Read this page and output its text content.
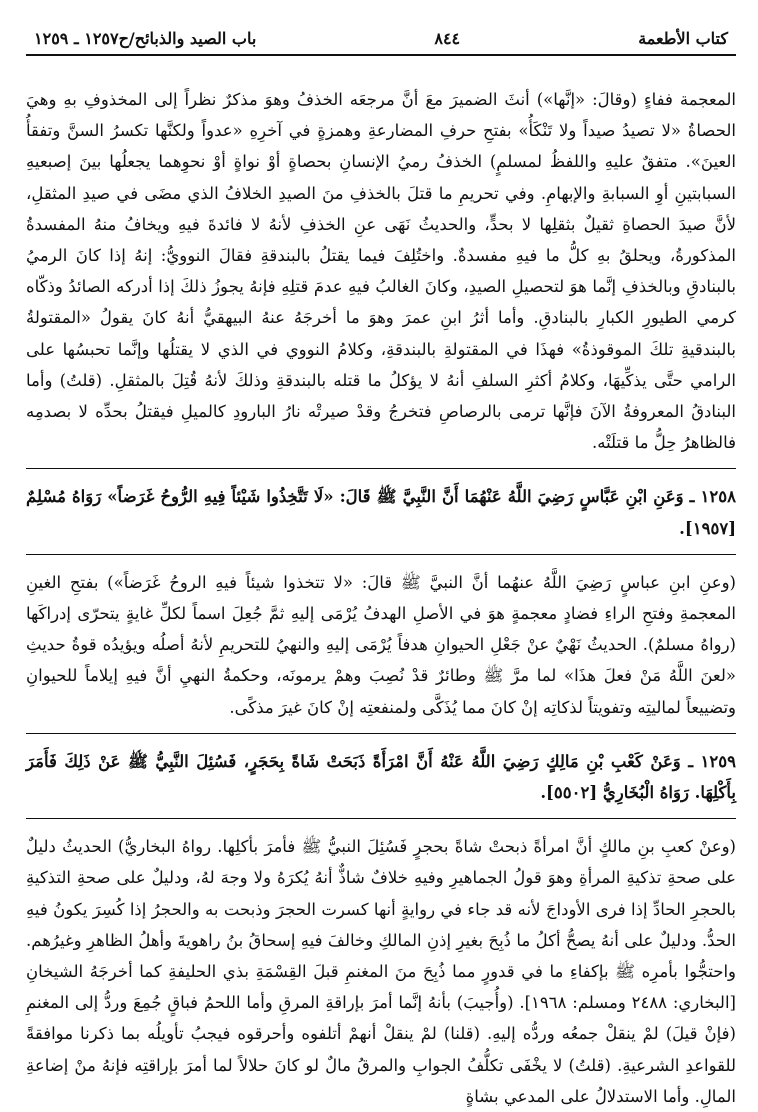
كتاب الأطعمة
٨٤٤
باب الصيد والذبائح/ح١٢٥٧ ـ ١٢٥٩

المعجمة ففاءٍ (وقالَ: «إنَّها») أنثَ الضميرَ معَ أنَّ مرجعَه الخذفُ وهوَ مذكرٌ نظراً إلى المخذوفِ بهِ وهيَ الحصاةُ «لا تصيدُ صيداً ولا تَنْكَأُ» بفتحِ حرفِ المضارعةِ وهمزةٍ في آخرِهِ «عدواً ولكنَّها تكسرُ السنَّ وتفقأُ العينَ». متفقٌ عليهِ واللفظُ لمسلمٍ) الخذفُ رميُ الإنسانِ بحصاةٍ أوْ نواةٍ أوْ نحوِهما يجعلُها بينَ إصبعيهِ السبابتينِ أوِ السبابةِ والإبهامِ. وفي تحريمِ ما قتلَ بالخذفِ منَ الصيدِ الخلافُ الذي مضَى في صيدِ المثقلِ، لأنَّ صيدَ الحصاةِ ثقيلٌ بثقلِها لا بحدٍّ، والحديثُ نَهَى عنِ الخذفِ لأنهُ لا فائدةَ فيهِ ويخافُ منهُ المفسدةُ المذكورةُ، ويحلقُ بهِ كلُّ ما فيهِ مفسدةٌ. واختُلِفَ فيما يقتلُ بالبندقةِ فقالَ النوويُّ: إنهُ إذا كانَ الرميُ بالبنادقِ وبالخذفِ إنَّما هوَ لتحصيلِ الصيدِ، وكانَ الغالبُ فيهِ عدمَ قتلِهِ فإنهُ يجوزُ ذلكَ إذا أدركه الصائدُ وذكّاه كرمي الطيورِ الكبارِ بالبنادقِ. وأما أثرُ ابنِ عمرَ وهوَ ما أخرجَهُ عنهُ البيهقيُّ أنهُ كانَ يقولُ «المقتولةُ بالبندقيةِ تلكَ الموقوذةُ» فهذَا في المقتولةِ بالبندقةِ، وكلامُ النووي في الذي لا يقتلُها وإنَّما تحبسُها على الرامي حتَّى يذكِّيهَا، وكلامُ أكثرِ السلفِ أنهُ لا يؤكلُ ما قتله بالبندقةِ وذلكَ لأنهُ قُتِلَ بالمثقلِ. (قلتُ) وأما البنادقُ المعروفةُ الآنَ فإنَّها ترمى بالرصاصِ فتخرجُ وقدْ صيرتْه نارُ البارودِ كالميلِ فيقتلُ بحدِّه لا بصدمِه فالظاهرُ حِلُّ ما قتلَتْه.

١٢٥٨ ـ وَعَنِ ابْنِ عَبَّاسٍ رَضِيَ اللَّهُ عَنْهُمَا أَنَّ النَّبِيَّ ﷺ قَالَ: «لَا تَتَّخِذُوا شَيْئاً فِيهِ الرُّوحُ غَرَضاً» رَوَاهُ مُسْلِمٌ [١٩٥٧].

(وعنِ ابنِ عباسٍ رَضِيَ اللَّهُ عنهُما أنَّ النبيَّ ﷺ قالَ: «لا تتخذوا شيئاً فيهِ الروحُ غَرَضاً») بفتحِ الغينِ المعجمةِ وفتحِ الراءِ فضادٍ معجمةٍ هوَ في الأصلِ الهدفُ يُرْمَى إليهِ ثمَّ جُعِلَ اسماً لكلِّ غايةٍ يتحرّى إدراكَها (رواهُ مسلمٌ). الحديثُ نَهْيٌ عنْ جَعْلِ الحيوانِ هدفاً يُرْمَى إليهِ والنهيُ للتحريمِ لأنهُ أصلُه ويؤيدُه قوةُ حديثِ «لعنَ اللَّهُ مَنْ فعلَ هذَا» لما مرَّ ﷺ وطائرٌ قدْ نُصِبَ وهمْ يرمونَه، وحكمةُ النهيِ أنَّ فيهِ إيلاماً للحيوانِ وتضييعاً لماليتِه وتفويتاً لذكاتِه إنْ كانَ مما يُذَكَّى ولمنفعتِه إنْ كانَ غيرَ مذكًى.

١٢٥٩ ـ وَعَنْ كَعْبِ بْنِ مَالِكٍ رَضِيَ اللَّهُ عَنْهُ أَنَّ امْرَأَةً ذَبَحَتْ شَاةً بِحَجَرٍ، فَسُئِلَ النَّبِيُّ ﷺ عَنْ ذَلِكَ فَأَمَرَ بِأَكْلِهَا. رَوَاهُ الْبُخَارِيُّ [٥٥٠٢].

(وعنْ كعبِ بنِ مالكٍ أنَّ امرأةً ذبحتْ شاةً بحجرٍ فَسُئِلَ النبيُّ ﷺ فأمرَ بأكلِها. رواهُ البخاريُّ) الحديثُ دليلٌ على صحةِ تذكيةِ المرأةِ وهوَ قولُ الجماهيرِ وفيهِ خلافٌ شاذٌّ أنهُ يُكرَهُ ولا وجهَ لهُ، ودليلٌ على صحةِ التذكيةِ بالحجرِ الحادِّ إذا فرى الأوداجَ لأنه قد جاء في روايةٍ أنها كسرت الحجرَ وذبحت به والحجرُ إذا كُسِرَ يكونُ فيهِ الحدُّ. ودليلٌ على أنهُ يصحُّ أكلُ ما ذُبِحَ بغيرِ إذنِ المالكِ وخالفَ فيهِ إسحاقُ بنُ راهويةَ وأهلُ الظاهرِ وغيرُهم. واحتجُّوا بأمرِه ﷺ بإكفاءِ ما في قدورٍ مما ذُبِحَ منَ المغنمِ قبلَ القِسْمَةِ بذي الحليفةِ كما أخرجَهُ الشيخانِ [البخاري: ٢٤٨٨ ومسلم: ١٩٦٨]. (وأُجيبَ) بأنهُ إنَّما أمرَ بإراقةِ المرقِ وأما اللحمُ فباقٍ جُمِعَ وردُّ إلى المغنمِ (فإنْ قيلَ) لمْ ينقلْ جمعُه وردُّه إليهِ. (قلنا) لمْ ينقلْ أنهمْ أتلفوه وأحرقوه فيجبُ تأويلُه بما ذكرنا موافقةً للقواعدِ الشرعيةِ. (قلتُ) لا يخْفَى تكلُّفُ الجوابِ والمرقُ مالٌ لو كانَ حلالاً لما أمرَ بإراقتِه فإنهُ منْ إضاعةِ المالِ. وأما الاستدلالُ على المدعي بشاةٍ
